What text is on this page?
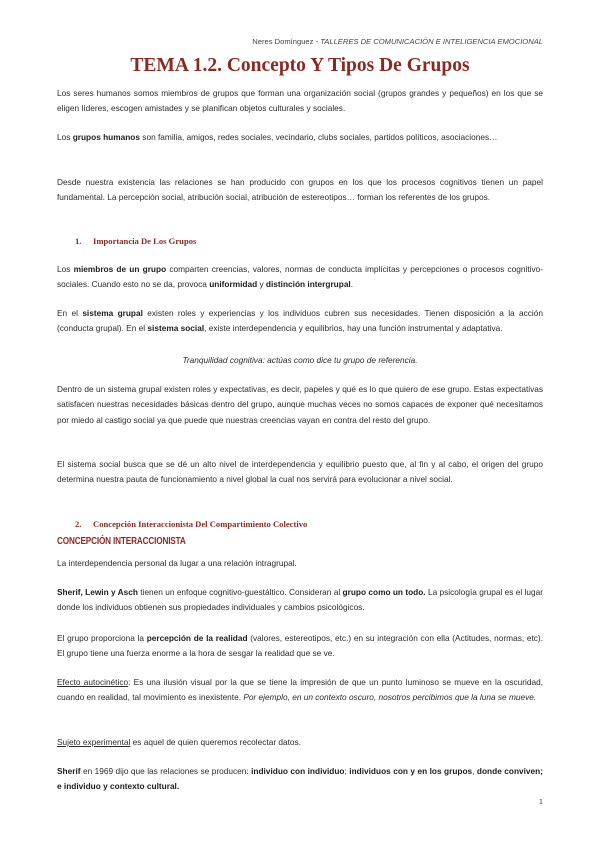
Neres Domínguez - TALLERES DE COMUNICACIÓN E INTELIGENCIA EMOCIONAL
TEMA 1.2. Concepto Y Tipos De Grupos

Los seres humanos somos miembros de grupos que forman una organización social (grupos grandes y pequeños) en los que se eligen líderes, escogen amistades y se planifican objetos culturales y sociales.

Los grupos humanos son familia, amigos, redes sociales, vecindario, clubs sociales, partidos políticos, asociaciones…

Desde nuestra existencia las relaciones se han producido con grupos en los que los procesos cognitivos tienen un papel fundamental. La percepción social, atribución social, atribución de estereotipos… forman los referentes de los grupos.

1. Importancia De Los Grupos

Los miembros de un grupo comparten creencias, valores, normas de conducta implícitas y percepciones o procesos cognitivo-sociales. Cuando esto no se da, provoca uniformidad y distinción intergrupal.

En el sistema grupal existen roles y experiencias y los individuos cubren sus necesidades. Tienen disposición a la acción (conducta grupal). En el sistema social, existe interdependencia y equilibrios, hay una función instrumental y adaptativa.

Tranquilidad cognitiva: actúas como dice tu grupo de referencia.

Dentro de un sistema grupal existen roles y expectativas, es decir, papeles y qué es lo que quiero de ese grupo. Estas expectativas satisfacen nuestras necesidades básicas dentro del grupo, aunque muchas veces no somos capaces de exponer qué necesitamos por miedo al castigo social ya que puede que nuestras creencias vayan en contra del resto del grupo.

El sistema social busca que se dé un alto nivel de interdependencia y equilibrio puesto que, al fin y al cabo, el origen del grupo determina nuestra pauta de funcionamiento a nivel global la cual nos servirá para evolucionar a nivel social.

2. Concepción Interaccionista Del Compartimiento Colectivo
CONCEPCIÓN INTERACCIONISTA

La interdependencia personal da lugar a una relación intragrupal.

Sherif, Lewin y Asch tienen un enfoque cognitivo-guestáltico. Consideran al grupo como un todo. La psicología grupal es el lugar donde los individuos obtienen sus propiedades individuales y cambios psicológicos.

El grupo proporciona la percepción de la realidad (valores, estereotipos, etc.) en su integración con ella (Actitudes, normas, etc). El grupo tiene una fuerza enorme a la hora de sesgar la realidad que se ve.

Efecto autocinético: Es una ilusión visual por la que se tiene la impresión de que un punto luminoso se mueve en la oscuridad, cuando en realidad, tal movimiento es inexistente. Por ejemplo, en un contexto oscuro, nosotros percibimos que la luna se mueve.

Sujeto experimental es aquel de quien queremos recolectar datos.

Sherif en 1969 dijo que las relaciones se producen: individuo con individuo; individuos con y en los grupos, donde conviven; e individuo y contexto cultural.

1
